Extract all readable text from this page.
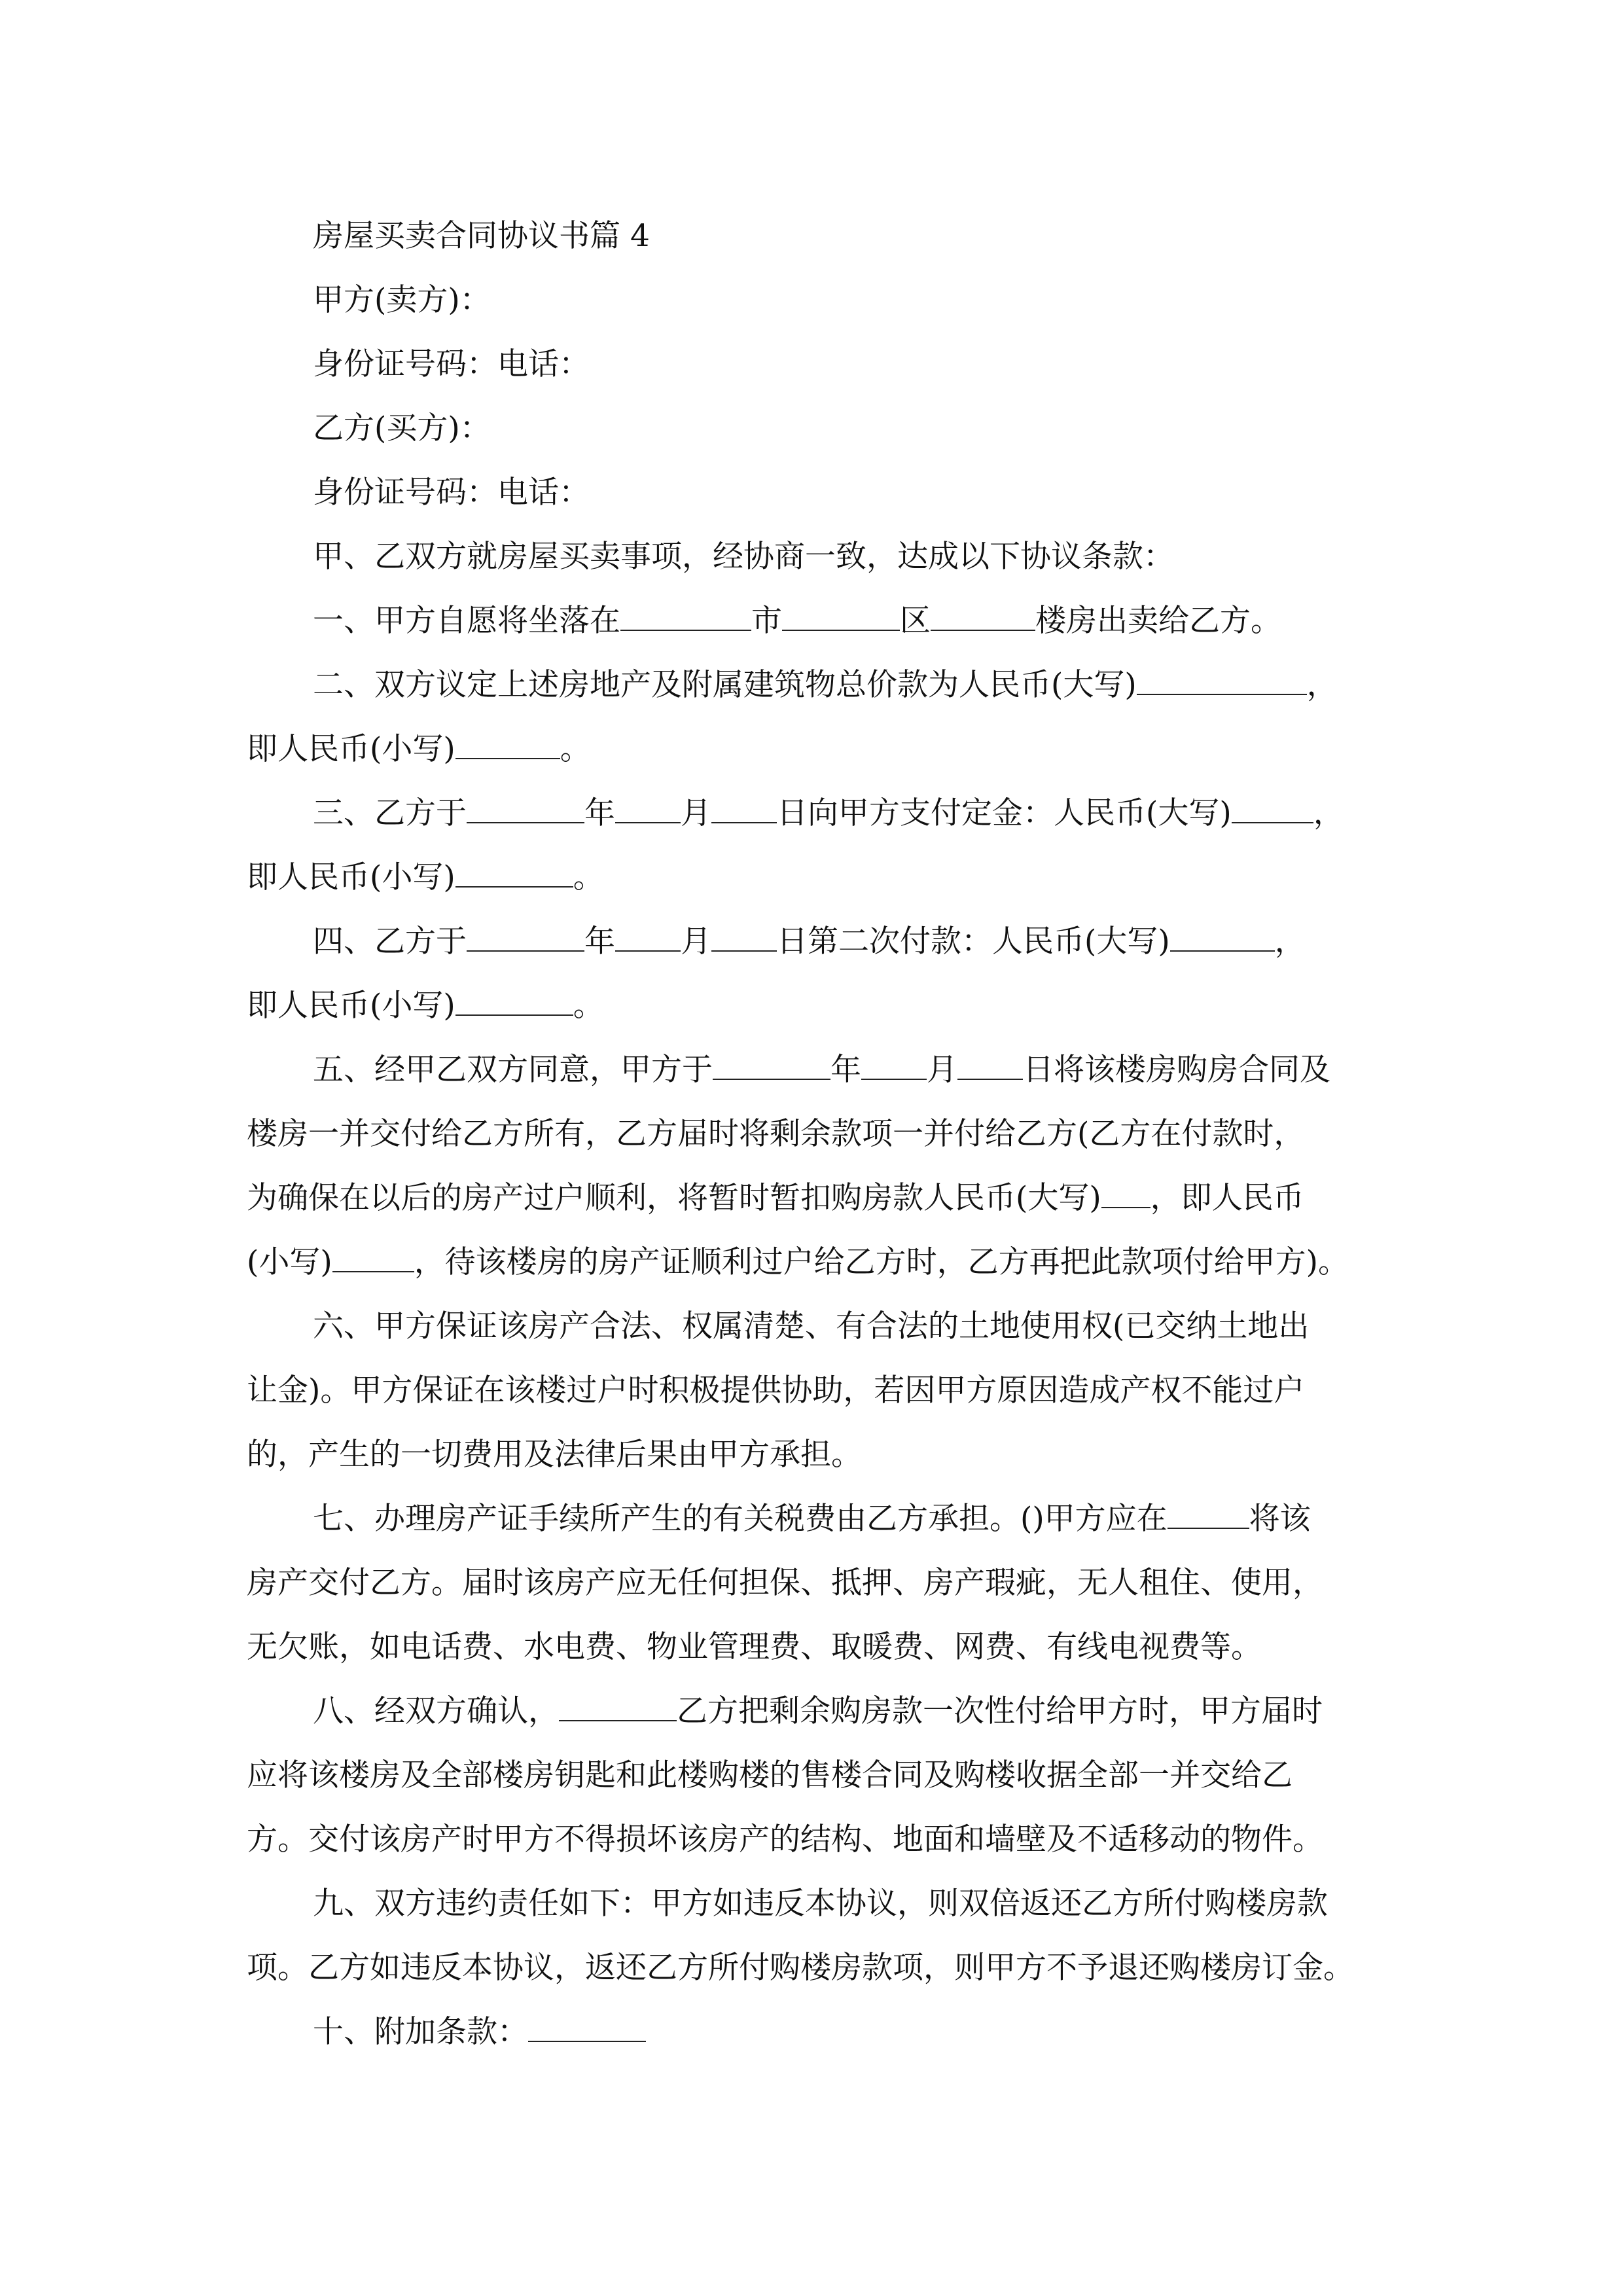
房屋买卖合同协议书篇 4
甲方(卖方)：
身份证号码：电话：
乙方(买方)：
身份证号码：电话：
甲、乙双方就房屋买卖事项，经协商一致，达成以下协议条款：
一、甲方自愿将坐落在	市	区	楼房出卖给乙方。
二、双方议定上述房地产及附属建筑物总价款为人民币(大写)	，
即人民币(小写)	。
三、乙方于	年 月 日向甲方支付定金：人民币(大写)	，
即人民币(小写)	。
四、乙方于	年 月 日第二次付款：人民币(大写)	，
即人民币(小写)	。
五、经甲乙双方同意，甲方于	年 月 日将该楼房购房合同及
楼房一并交付给乙方所有，乙方届时将剩余款项一并付给乙方(乙方在付款时，
为确保在以后的房产过户顺利，将暂时暂扣购房款人民币(大写) ，即人民币
(小写)	，待该楼房的房产证顺利过户给乙方时，乙方再把此款项付给甲方)。
六、甲方保证该房产合法、权属清楚、有合法的土地使用权(已交纳土地出
让金)。甲方保证在该楼过户时积极提供协助，若因甲方原因造成产权不能过户
的，产生的一切费用及法律后果由甲方承担。
七、办理房产证手续所产生的有关税费由乙方承担。()甲方应在	将该
房产交付乙方。届时该房产应无任何担保、抵押、房产瑕疵，无人租住、使用，
无欠账，如电话费、水电费、物业管理费、取暖费、网费、有线电视费等。
八、经双方确认，	乙方把剩余购房款一次性付给甲方时，甲方届时
应将该楼房及全部楼房钥匙和此楼购楼的售楼合同及购楼收据全部一并交给乙
方。交付该房产时甲方不得损坏该房产的结构、地面和墙壁及不适移动的物件。
九、双方违约责任如下：甲方如违反本协议，则双倍返还乙方所付购楼房款
项。乙方如违反本协议，返还乙方所付购楼房款项，则甲方不予退还购楼房订金。
十、附加条款：
